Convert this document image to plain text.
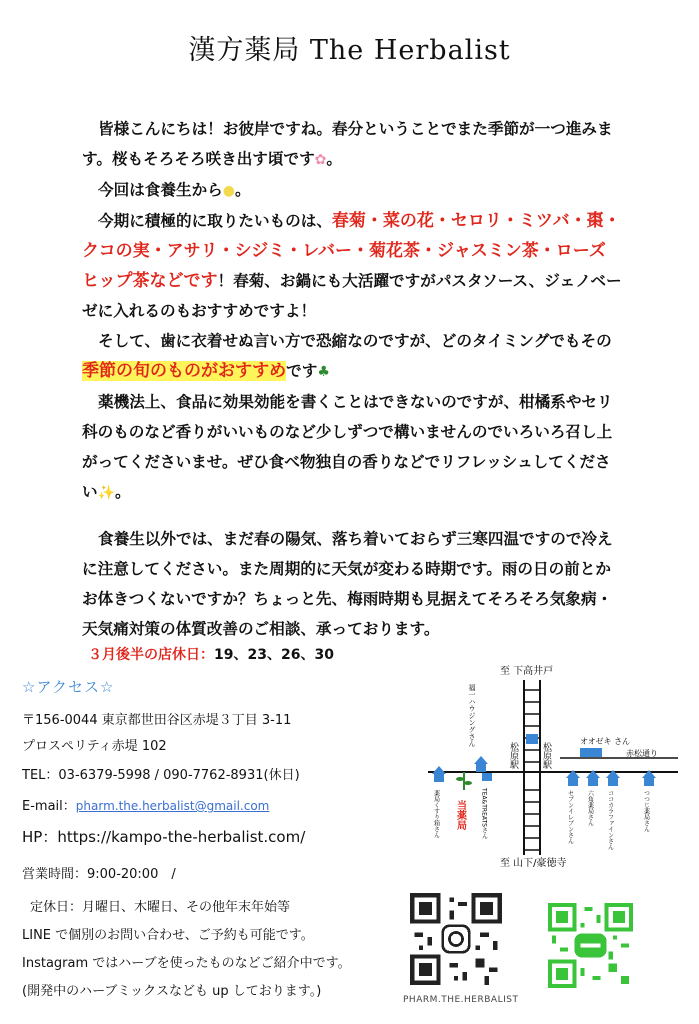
漢方薬局 The Herbalist

皆様こんにちは！お彼岸ですね。春分ということでまた季節が一つ進みます。桜もそろそろ咲き出す頃です✿。

今回は食養生から●。

今期に積極的に取りたいものは、春菊・菜の花・セロリ・ミツバ・棗・クコの実・アサリ・シジミ・レバー・菊花茶・ジャスミン茶・ローズヒップ茶などです！春菊、お鍋にも大活躍ですがパスタソース、ジェノベーゼに入れるのもおすすめですよ！

そして、歯に衣着せぬ言い方で恐縮なのですが、どのタイミングでもその季節の旬のものがおすすめです♣

薬機法上、食品に効果効能を書くことはできないのですが、柑橘系やセリ科のものなど香りがいいものなど少しずつで構いませんのでいろいろ召し上がってくださいませ。ぜひ食べ物独自の香りなどでリフレッシュしてください✨。

食養生以外では、まだ春の陽気、落ち着いておらず三寒四温ですので冷えに注意してください。また周期的に天気が変わる時期です。雨の日の前とかお体きつくないですか？ちょっと先、梅雨時期も見据えてそろそろ気象病・天気痛対策の体質改善のご相談、承っております。

３月後半の店休日：19、23、26、30
☆アクセス☆
〒156-0044 東京都世田谷区赤堤３丁目 3-11
プロスペリティ赤堤 102
TEL：03-6379-5998 / 090-7762-8931(休日)
E-mail：pharm.the.herbalist@gmail.com
HP：https://kampo-the-herbalist.com/
営業時間：9:00-20:00　/
定休日：月曜日、木曜日、その他年末年始等
LINE で個別のお問い合わせ、ご予約も可能です。
Instagram ではハーブを使ったものなどご紹介中です。
(開発中のハーブミックスなども up しております。)
至 下高井戸
松原駅	松原駅
オオゼキ さん
赤松通り
福一ハウジングさん
薬局くすり箱さん 当薬局	TEA&TREATSさん	セブンイレブンさん 六角薬局さん ココカラファインさん	つつじ薬局さん
至 山下/豪徳寺
PHARM.THE.HERBALIST
